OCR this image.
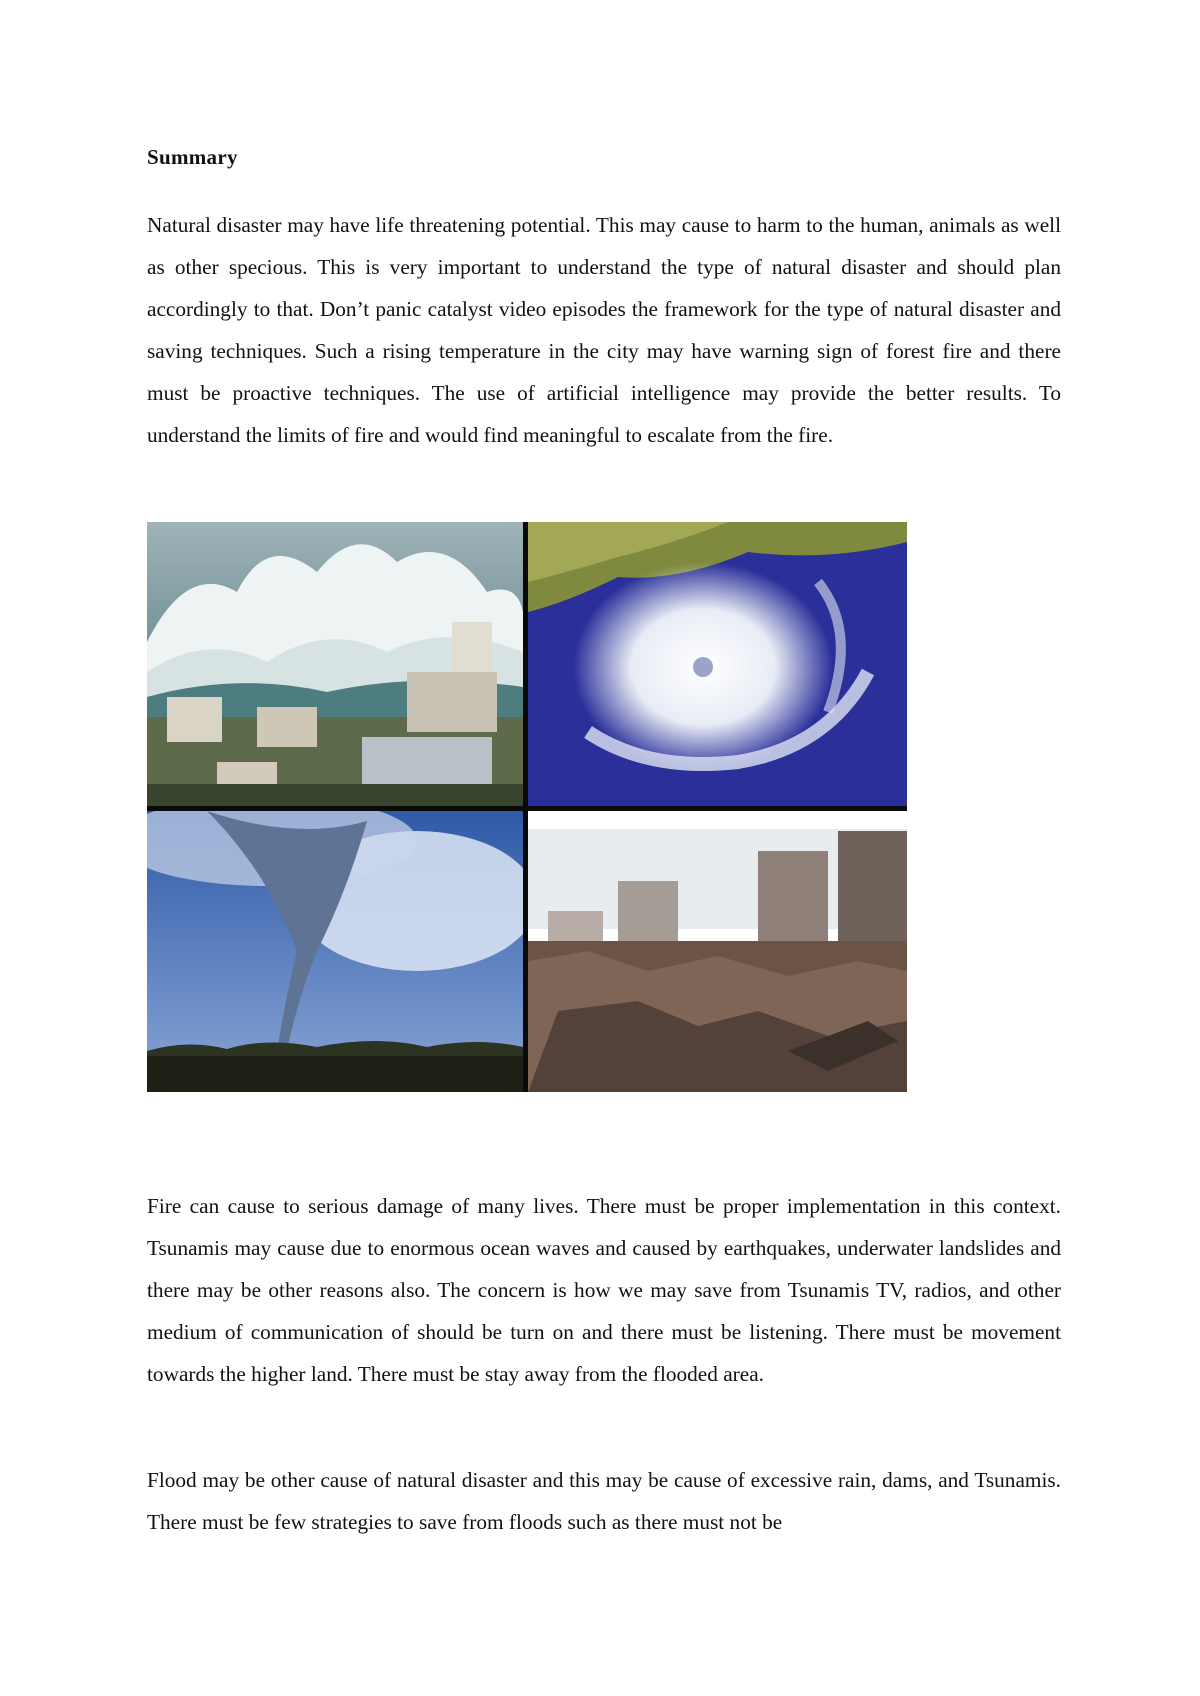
Summary

Natural disaster may have life threatening potential. This may cause to harm to the human, animals as well as other specious. This is very important to understand the type of natural disaster and should plan accordingly to that. Don’t panic catalyst video episodes the framework for the type of natural disaster and saving techniques. Such a rising temperature in the city may have warning sign of forest fire and there must be proactive techniques. The use of artificial intelligence may provide the better results. To understand the limits of fire and would find meaningful to escalate from the fire.

Fire can cause to serious damage of many lives. There must be proper implementation in this context. Tsunamis may cause due to enormous ocean waves and caused by earthquakes, underwater landslides and there may be other reasons also. The concern is how we may save from Tsunamis TV, radios, and other medium of communication of should be turn on and there must be listening. There must be movement towards the higher land. There must be stay away from the flooded area.

Flood may be other cause of natural disaster and this may be cause of excessive rain, dams, and Tsunamis. There must be few strategies to save from floods such as there must not be
